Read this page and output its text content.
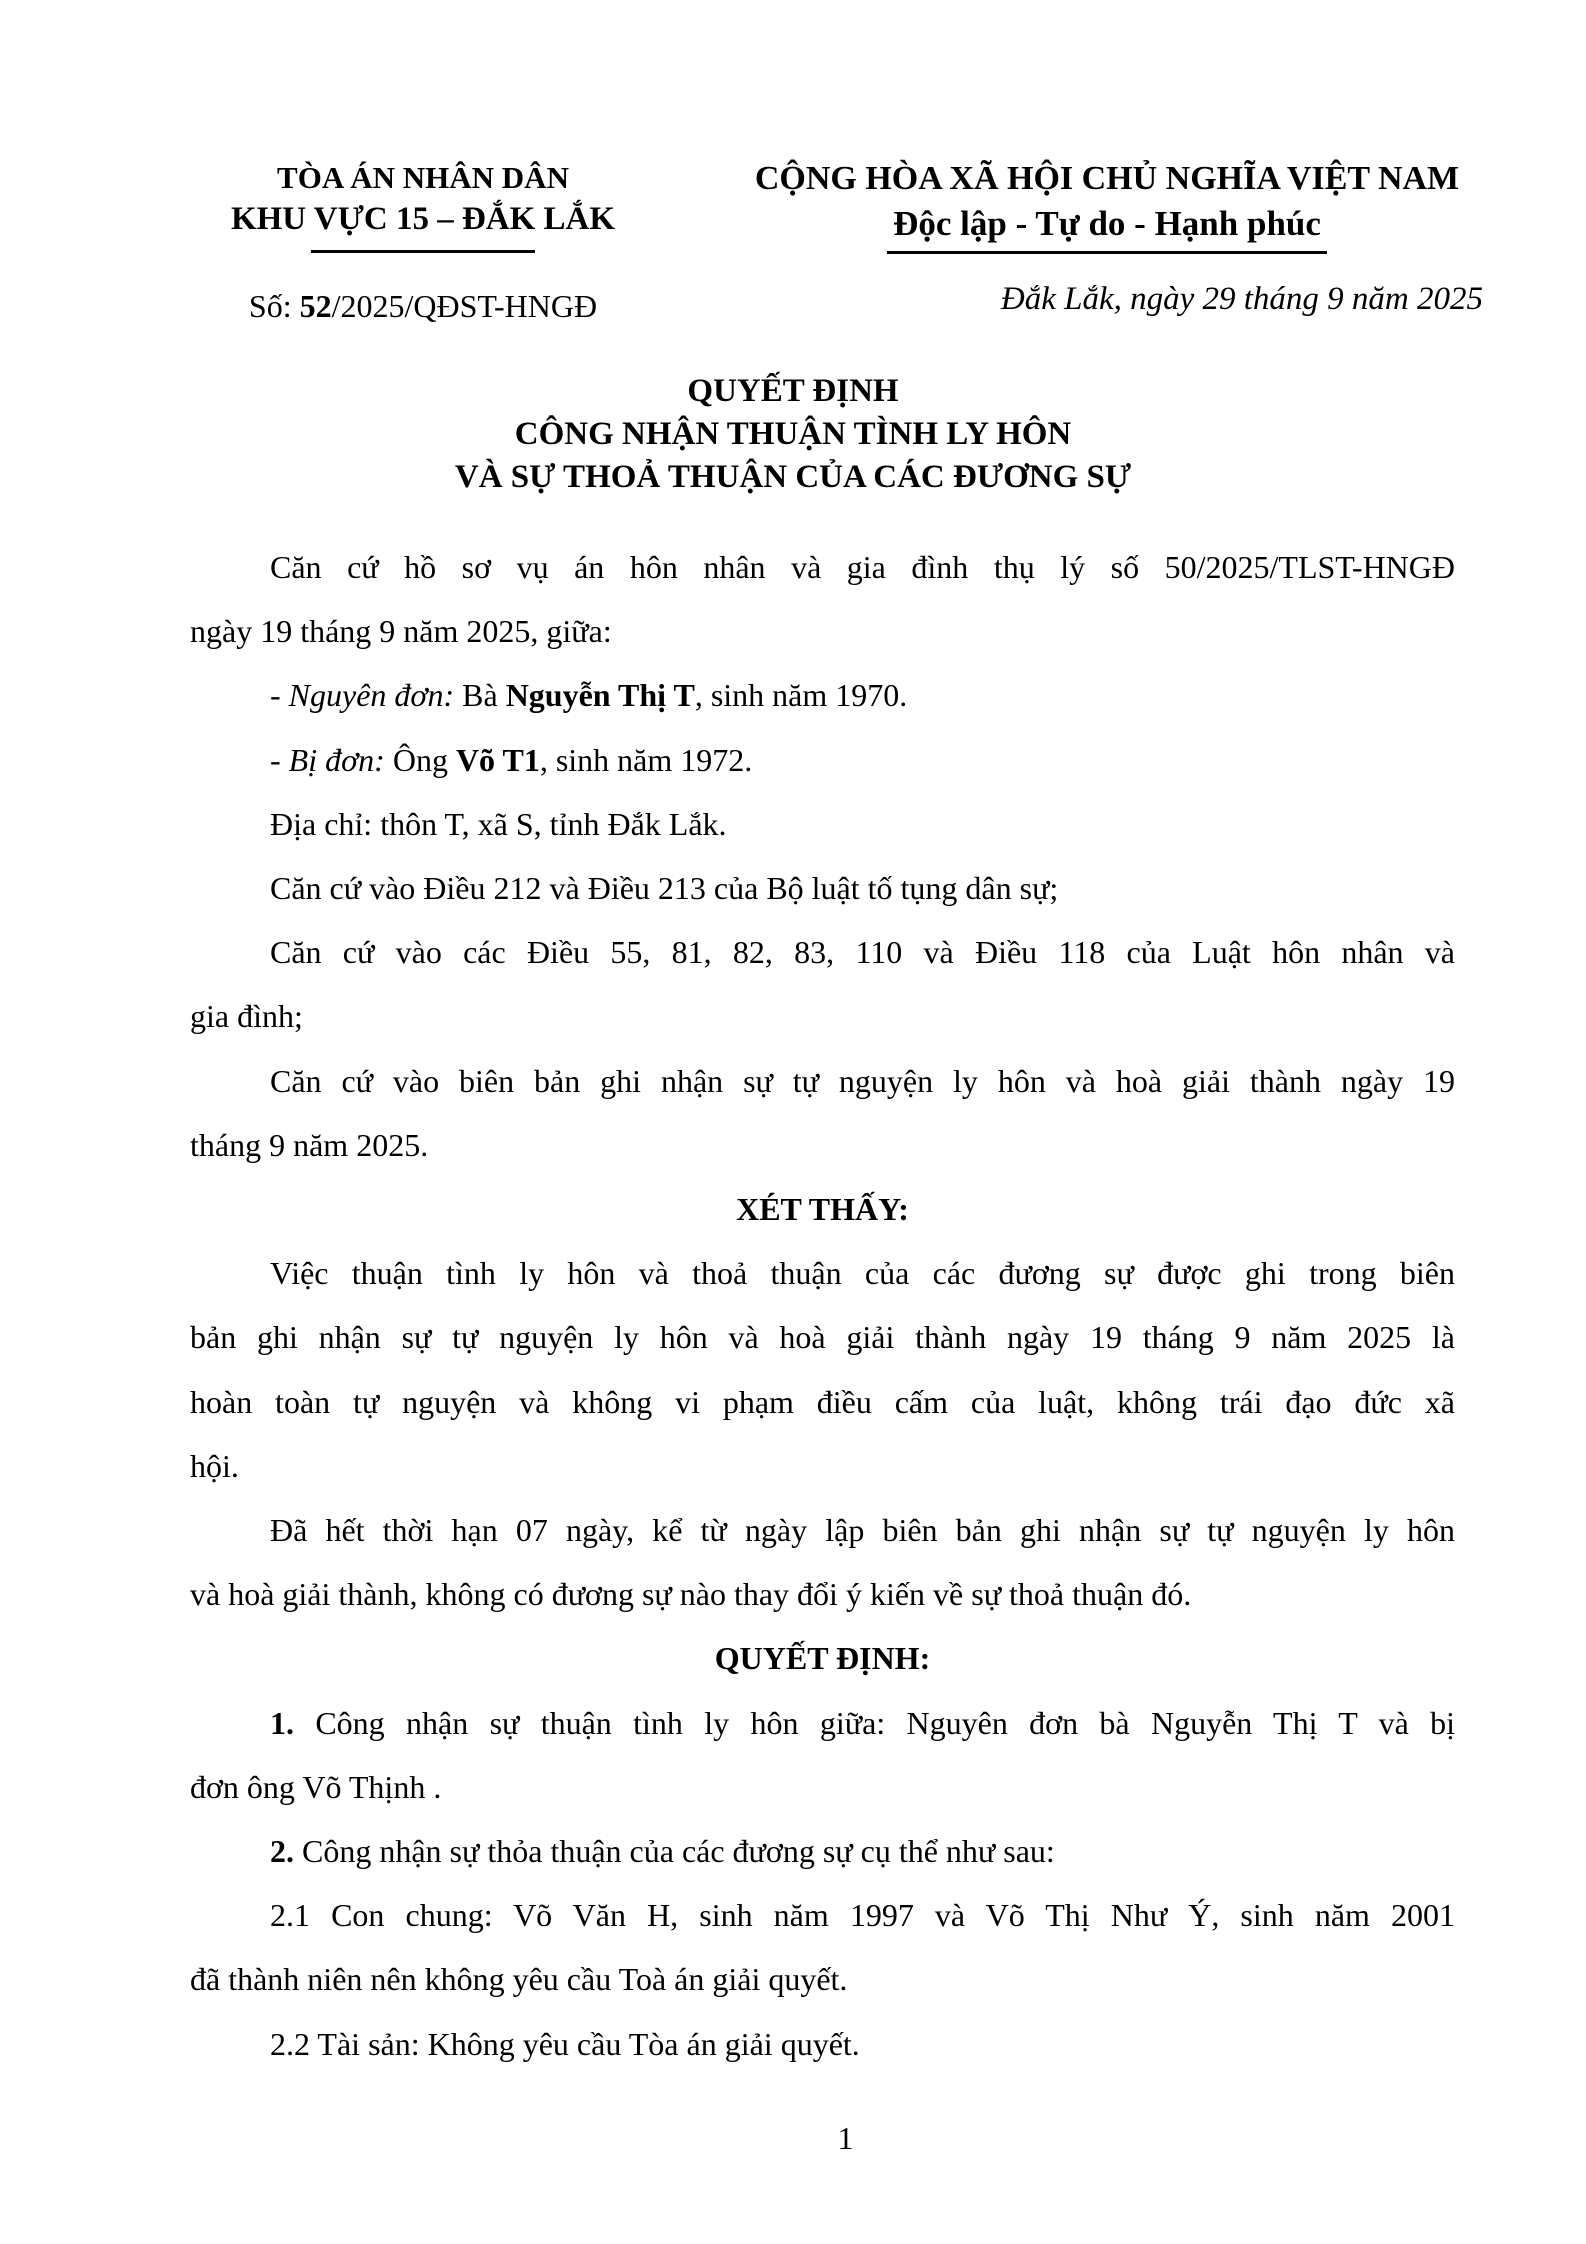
TÒA ÁN NHÂN DÂN
KHU VỰC 15 – ĐẮK LẮK
Số: 52/2025/QĐST-HNGĐ
CỘNG HÒA XÃ HỘI CHỦ NGHĨA VIỆT NAM
Độc lập - Tự do - Hạnh phúc
Đắk Lắk, ngày 29 tháng 9 năm 2025
QUYẾT ĐỊNH
CÔNG NHẬN THUẬN TÌNH LY HÔN
VÀ SỰ THOẢ THUẬN CỦA CÁC ĐƯƠNG SỰ
Căn cứ hồ sơ vụ án hôn nhân và gia đình thụ lý số 50/2025/TLST-HNGĐ
ngày 19 tháng 9 năm 2025, giữa:
- Nguyên đơn: Bà Nguyễn Thị T, sinh năm 1970.
- Bị đơn: Ông Võ T1, sinh năm 1972.
Địa chỉ: thôn T, xã S, tỉnh Đắk Lắk.
Căn cứ vào Điều 212 và Điều 213 của Bộ luật tố tụng dân sự;
Căn cứ vào các Điều 55, 81, 82, 83, 110 và Điều 118 của Luật hôn nhân và
gia đình;
Căn cứ vào biên bản ghi nhận sự tự nguyện ly hôn và hoà giải thành ngày 19
tháng 9 năm 2025.
XÉT THẤY:
Việc thuận tình ly hôn và thoả thuận của các đương sự được ghi trong biên
bản ghi nhận sự tự nguyện ly hôn và hoà giải thành ngày 19 tháng 9 năm 2025 là
hoàn toàn tự nguyện và không vi phạm điều cấm của luật, không trái đạo đức xã
hội.
Đã hết thời hạn 07 ngày, kể từ ngày lập biên bản ghi nhận sự tự nguyện ly hôn
và hoà giải thành, không có đương sự nào thay đổi ý kiến về sự thoả thuận đó.
QUYẾT ĐỊNH:
1. Công nhận sự thuận tình ly hôn giữa: Nguyên đơn bà Nguyễn Thị T và bị
đơn ông Võ Thịnh .
2. Công nhận sự thỏa thuận của các đương sự cụ thể như sau:
2.1 Con chung: Võ Văn H, sinh năm 1997 và Võ Thị Như Ý, sinh năm 2001
đã thành niên nên không yêu cầu Toà án giải quyết.
2.2 Tài sản: Không yêu cầu Tòa án giải quyết.
1
